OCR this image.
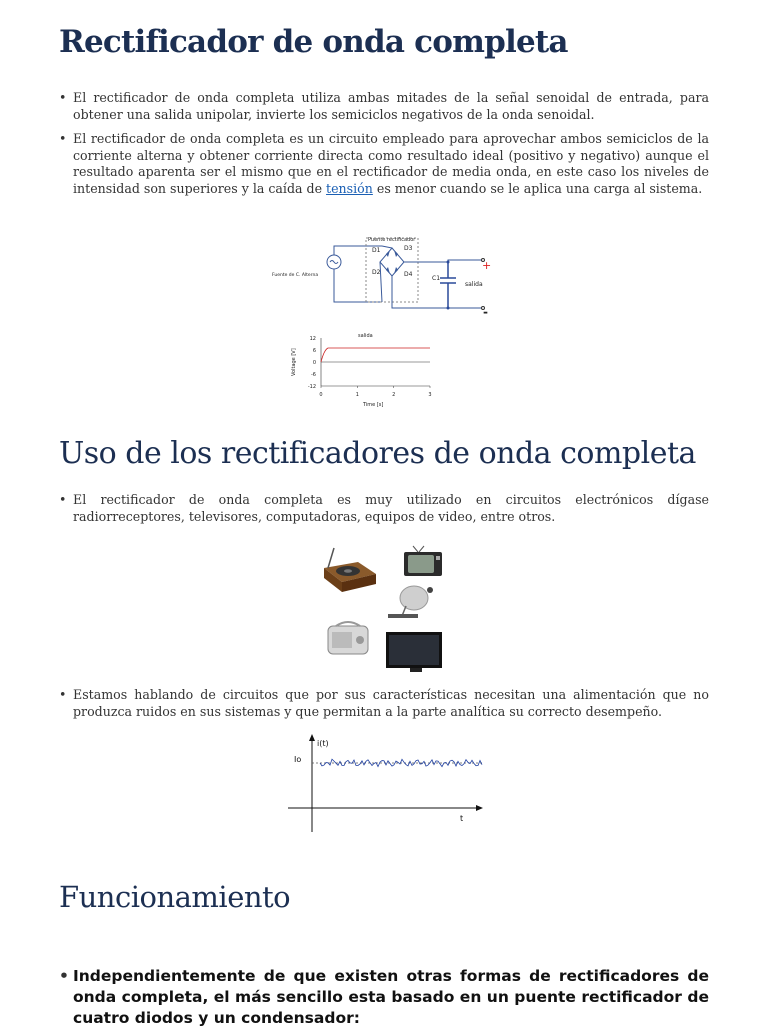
Rectificador de onda completa
• El rectificador de onda completa utiliza ambas mitades de la señal senoidal de entrada, para obtener una salida unipolar, invierte los semiciclos negativos de la onda senoidal.
• El rectificador de onda completa es un circuito empleado para aprovechar ambos semiciclos de la corriente alterna y obtener corriente directa como resultado ideal (positivo y negativo) aunque el resultado aparenta ser el mismo que en el rectificador de media onda, en este caso los niveles de intensidad son superiores y la caída de tensión es menor cuando se le aplica una carga al sistema.
Puente rectificador
Fuente de C. Alterna
D1
D2
D3
D4
C1
salida
+
-
salida
12
6
0
-6
-12
0	1	2	3
Voltage [V]
Time [s]
Uso de los rectificadores de onda completa
• El rectificador de onda completa es muy utilizado en circuitos electrónicos dígase radiorreceptores, televisores, computadoras, equipos de video, entre otros.
• Estamos hablando de circuitos que por sus características necesitan una alimentación que no produzca ruidos en sus sistemas y que permitan a la parte analítica su correcto desempeño.
i(t)
Io
t
Funcionamiento
• Independientemente de que existen otras formas de rectificadores de onda completa, el más sencillo esta basado en un puente rectificador de cuatro diodos y un condensador:
